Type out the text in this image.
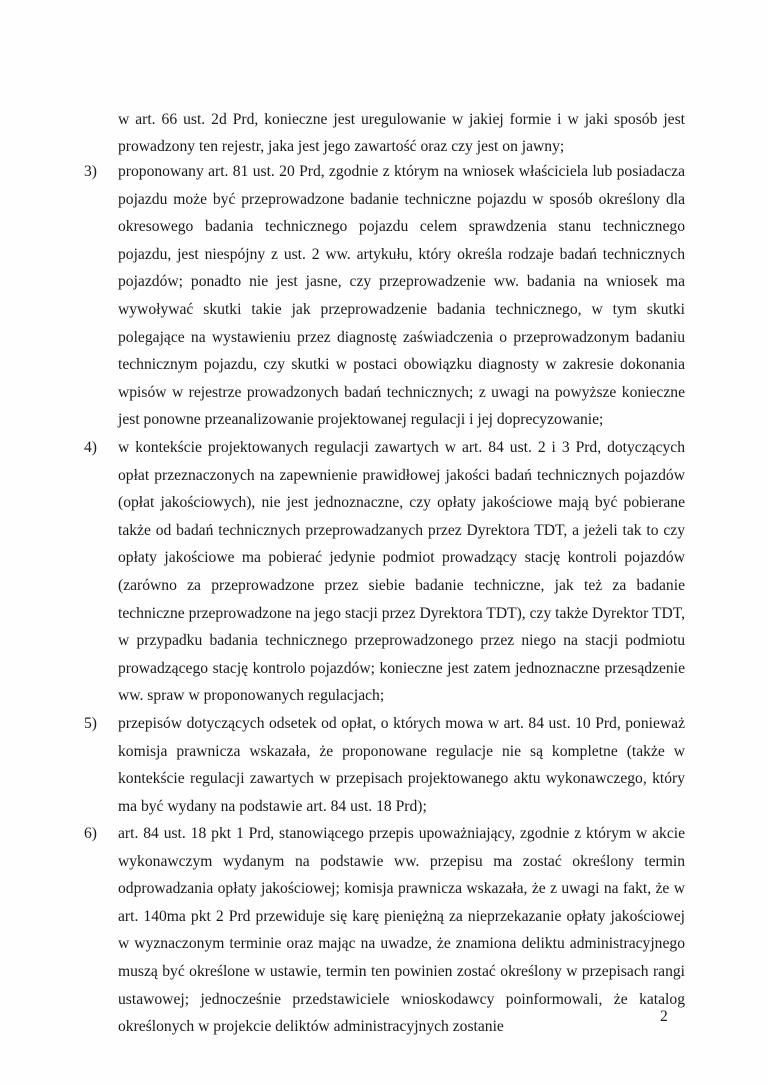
w art. 66 ust. 2d Prd, konieczne jest uregulowanie w jakiej formie i w jaki sposób jest prowadzony ten rejestr, jaka jest jego zawartość oraz czy jest on jawny;

3)	proponowany art. 81 ust. 20 Prd, zgodnie z którym na wniosek właściciela lub posiadacza pojazdu może być przeprowadzone badanie techniczne pojazdu w sposób określony dla okresowego badania technicznego pojazdu celem sprawdzenia stanu technicznego pojazdu, jest niespójny z ust. 2 ww. artykułu, który określa rodzaje badań technicznych pojazdów; ponadto nie jest jasne, czy przeprowadzenie ww. badania na wniosek ma wywoływać skutki takie jak przeprowadzenie badania technicznego, w tym skutki polegające na wystawieniu przez diagnostę zaświadczenia o przeprowadzonym badaniu technicznym pojazdu, czy skutki w postaci obowiązku diagnosty w zakresie dokonania wpisów w rejestrze prowadzonych badań technicznych; z uwagi na powyższe konieczne jest ponowne przeanalizowanie projektowanej regulacji i jej doprecyzowanie;
4)	w kontekście projektowanych regulacji zawartych w art. 84 ust. 2 i 3 Prd, dotyczących opłat przeznaczonych na zapewnienie prawidłowej jakości badań technicznych pojazdów (opłat jakościowych), nie jest jednoznaczne, czy opłaty jakościowe mają być pobierane także od badań technicznych przeprowadzanych przez Dyrektora TDT, a jeżeli tak to czy opłaty jakościowe ma pobierać jedynie podmiot prowadzący stację kontroli pojazdów (zarówno za przeprowadzone przez siebie badanie techniczne, jak też za badanie techniczne przeprowadzone na jego stacji przez Dyrektora TDT), czy także Dyrektor TDT, w przypadku badania technicznego przeprowadzonego przez niego na stacji podmiotu prowadzącego stację kontrolo pojazdów; konieczne jest zatem jednoznaczne przesądzenie ww. spraw w proponowanych regulacjach;
5)	przepisów dotyczących odsetek od opłat, o których mowa w art. 84 ust. 10 Prd, ponieważ komisja prawnicza wskazała, że proponowane regulacje nie są kompletne (także w kontekście regulacji zawartych w przepisach projektowanego aktu wykonawczego, który ma być wydany na podstawie art. 84 ust. 18 Prd);
6)	art. 84 ust. 18 pkt 1 Prd, stanowiącego przepis upoważniający, zgodnie z którym w akcie wykonawczym wydanym na podstawie ww. przepisu ma zostać określony termin odprowadzania opłaty jakościowej; komisja prawnicza wskazała, że z uwagi na fakt, że w art. 140ma pkt 2 Prd przewiduje się karę pieniężną za nieprzekazanie opłaty jakościowej w wyznaczonym terminie oraz mając na uwadze, że znamiona deliktu administracyjnego muszą być określone w ustawie, termin ten powinien zostać określony w przepisach rangi ustawowej; jednocześnie przedstawiciele wnioskodawcy poinformowali, że katalog określonych w projekcie deliktów administracyjnych zostanie
2
